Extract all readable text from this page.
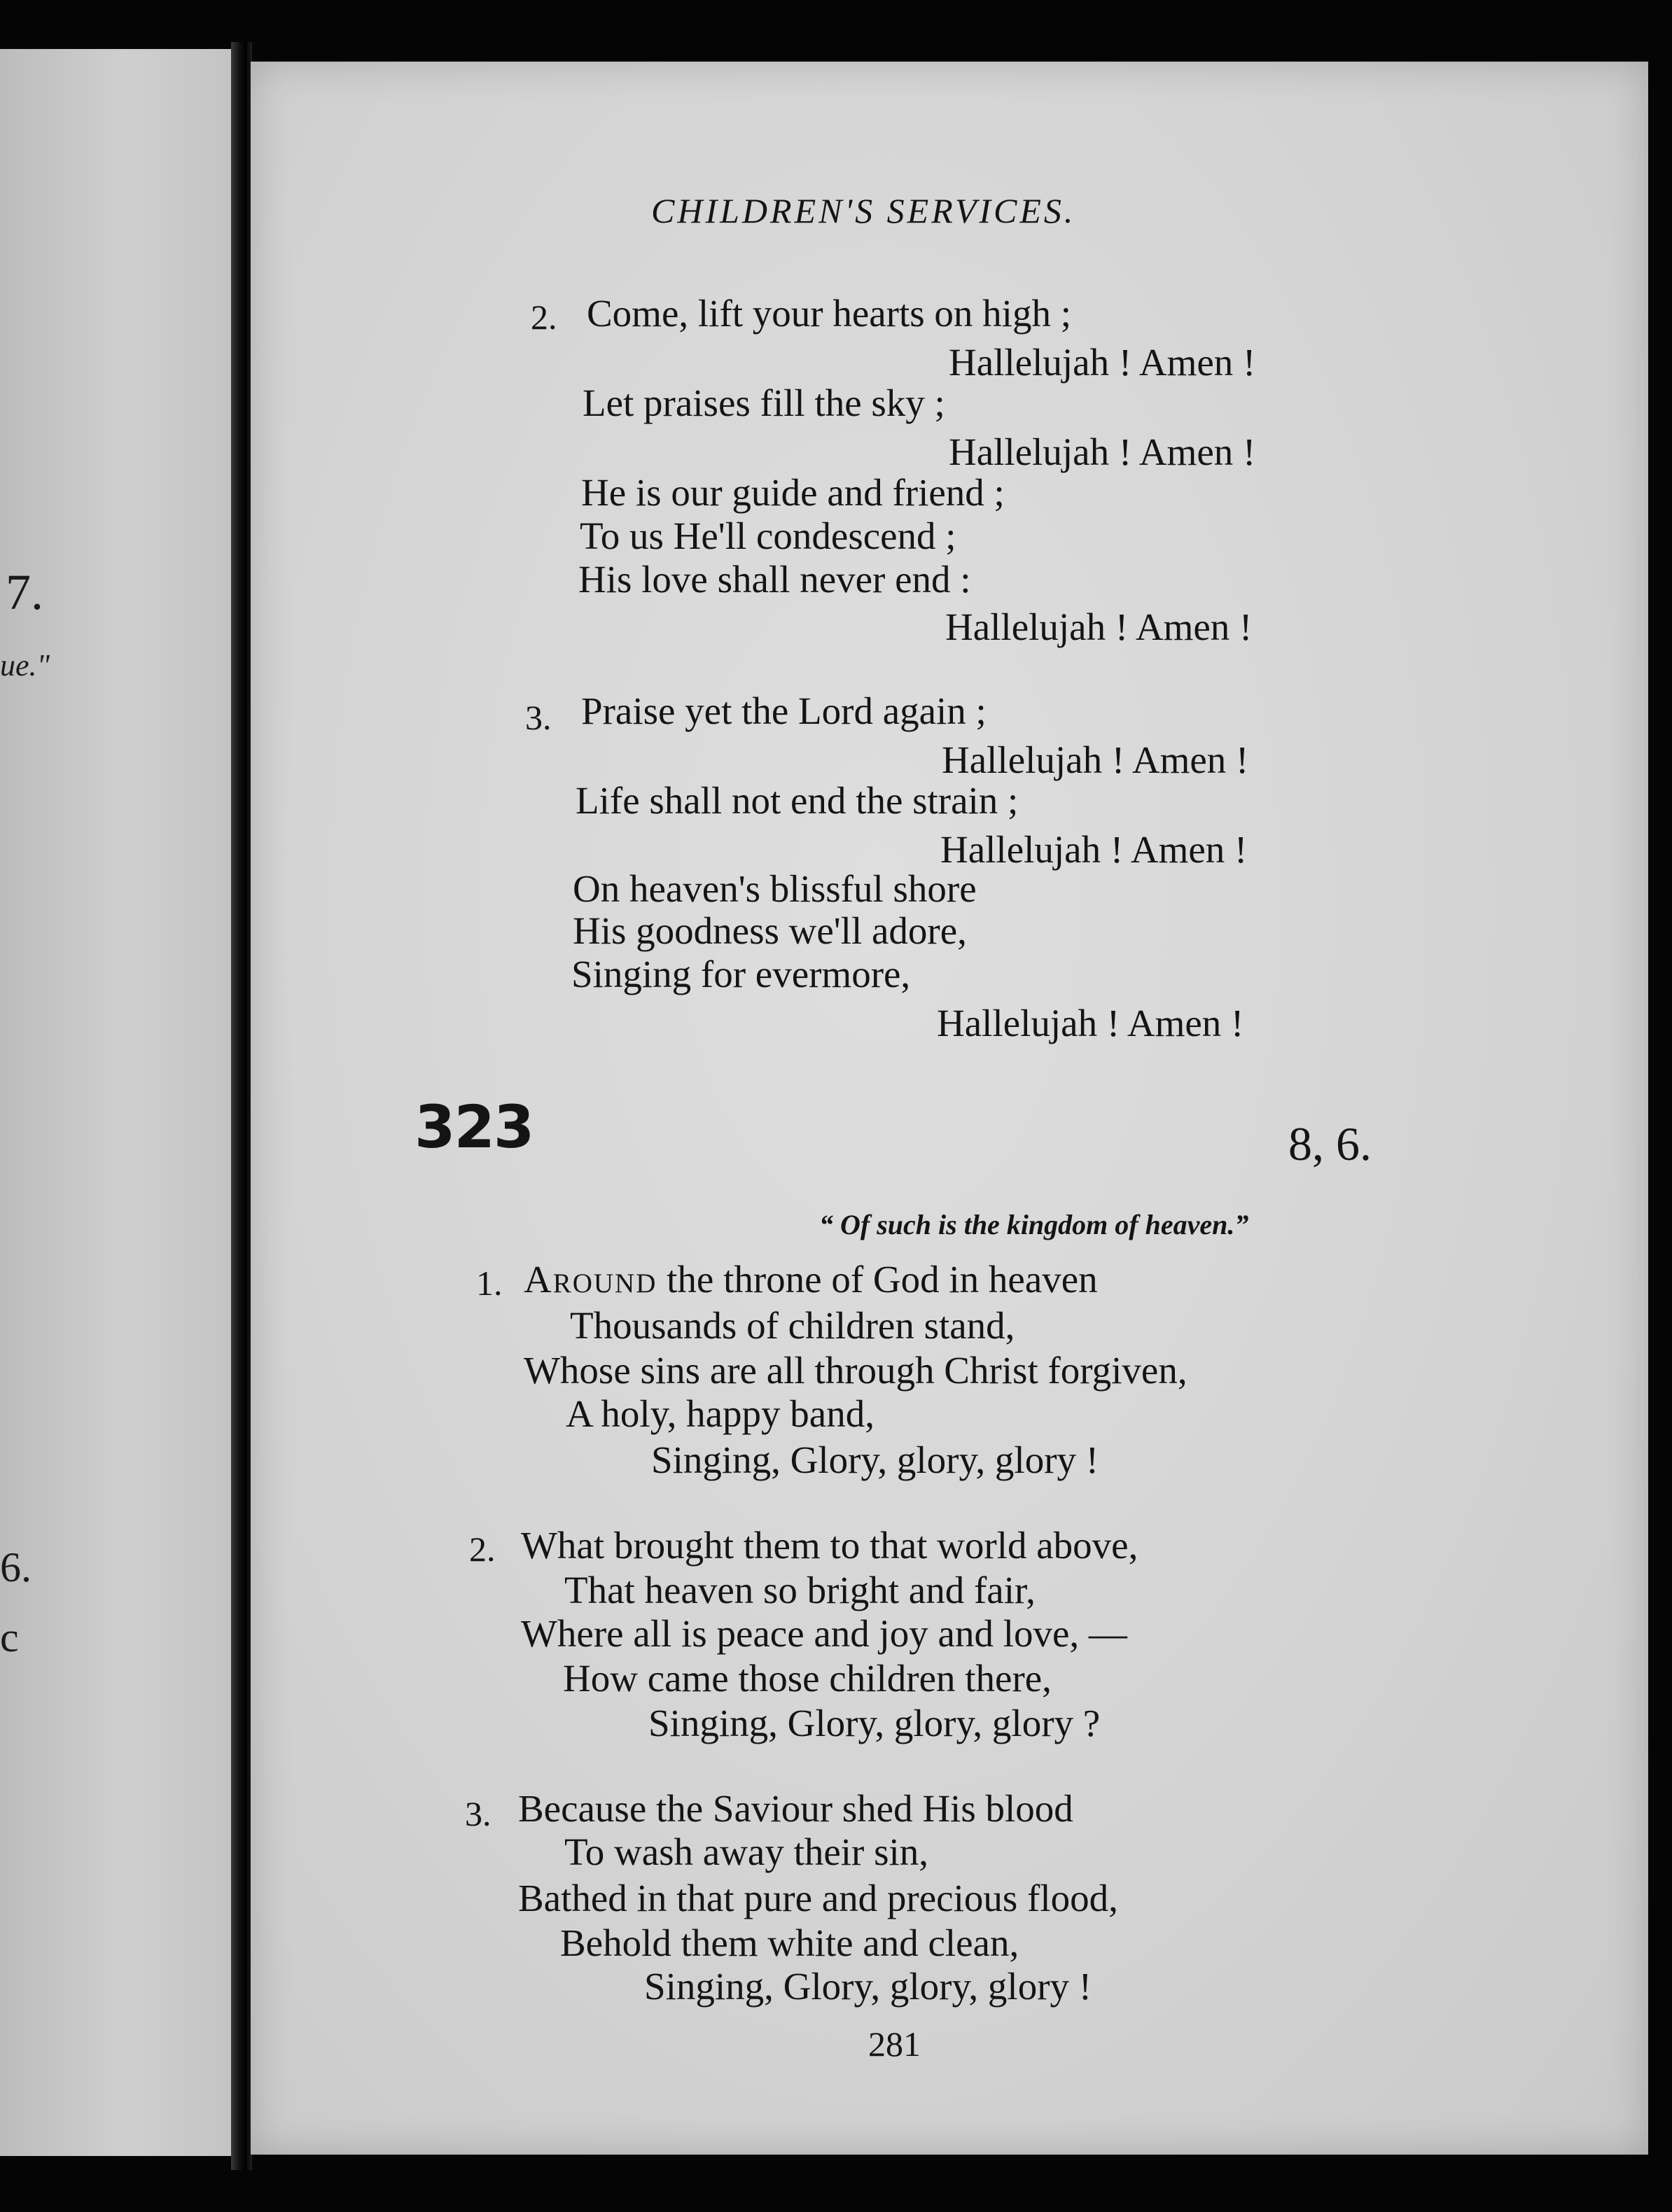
7.
ue."
6.
c
CHILDREN'S SERVICES.
2. Come, lift your hearts on high ;
Hallelujah ! Amen !
Let praises fill the sky ;
Hallelujah ! Amen !
He is our guide and friend ;
To us He'll condescend ;
His love shall never end :
Hallelujah ! Amen !
3. Praise yet the Lord again ;
Hallelujah ! Amen !
Life shall not end the strain ;
Hallelujah ! Amen !
On heaven's blissful shore
His goodness we'll adore,
Singing for evermore,
Hallelujah ! Amen !
323	8, 6.
“ Of such is the kingdom of heaven.”
1. Around the throne of God in heaven
Thousands of children stand,
Whose sins are all through Christ forgiven,
A holy, happy band,
Singing, Glory, glory, glory !
2. What brought them to that world above,
That heaven so bright and fair,
Where all is peace and joy and love, —
How came those children there,
Singing, Glory, glory, glory ?
3. Because the Saviour shed His blood
To wash away their sin,
Bathed in that pure and precious flood,
Behold them white and clean,
Singing, Glory, glory, glory !
281
